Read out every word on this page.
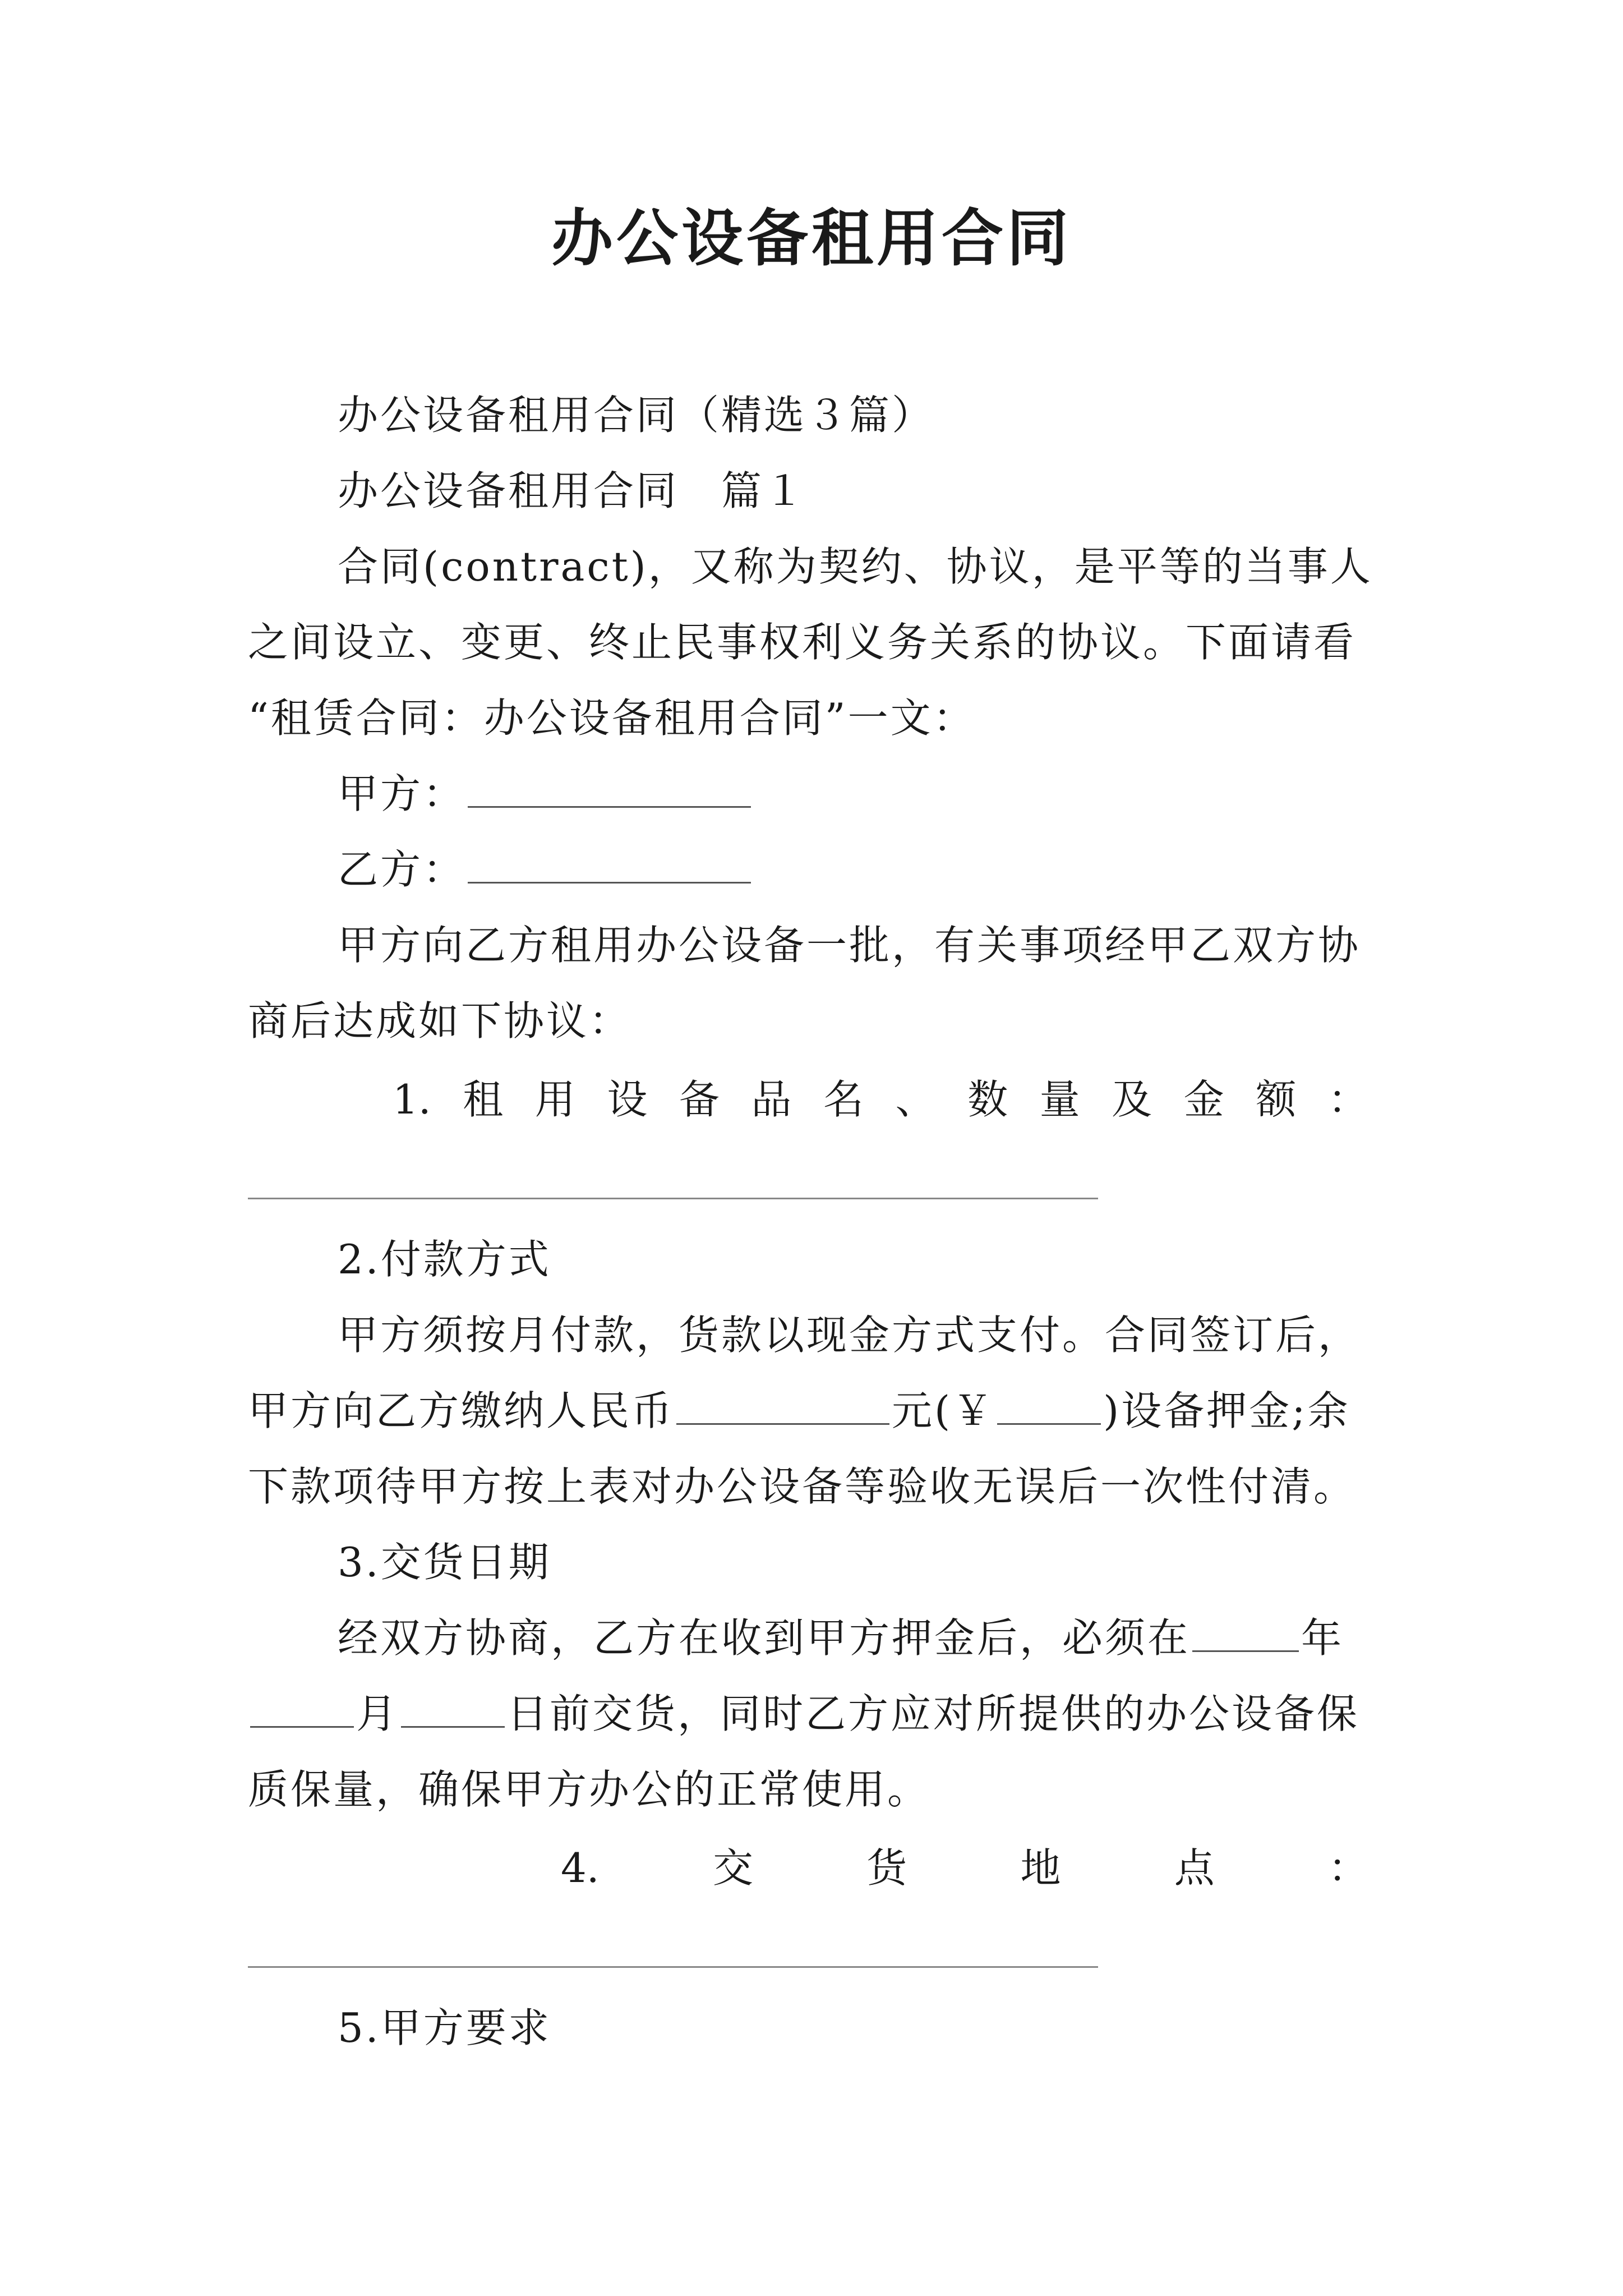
办公设备租用合同
办公设备租用合同（精选３篇）
办公设备租用合同　篇１
合同(contract)，又称为契约、协议，是平等的当事人
之间设立、变更、终止民事权利义务关系的协议。下面请看
“租赁合同：办公设备租用合同”一文：
甲方：
乙方：
甲方向乙方租用办公设备一批，有关事项经甲乙双方协
商后达成如下协议：
1. 租 用 设 备 品 名 、 数 量 及 金 额 ：
2.付款方式
甲方须按月付款，货款以现金方式支付。合同签订后，
甲方向乙方缴纳人民币	元(￥	)设备押金;余
下款项待甲方按上表对办公设备等验收无误后一次性付清。
3.交货日期
经双方协商，乙方在收到甲方押金后，必须在	年
月	日前交货，同时乙方应对所提供的办公设备保
质保量，确保甲方办公的正常使用。
4.	交	货	地	点	：
5.甲方要求
